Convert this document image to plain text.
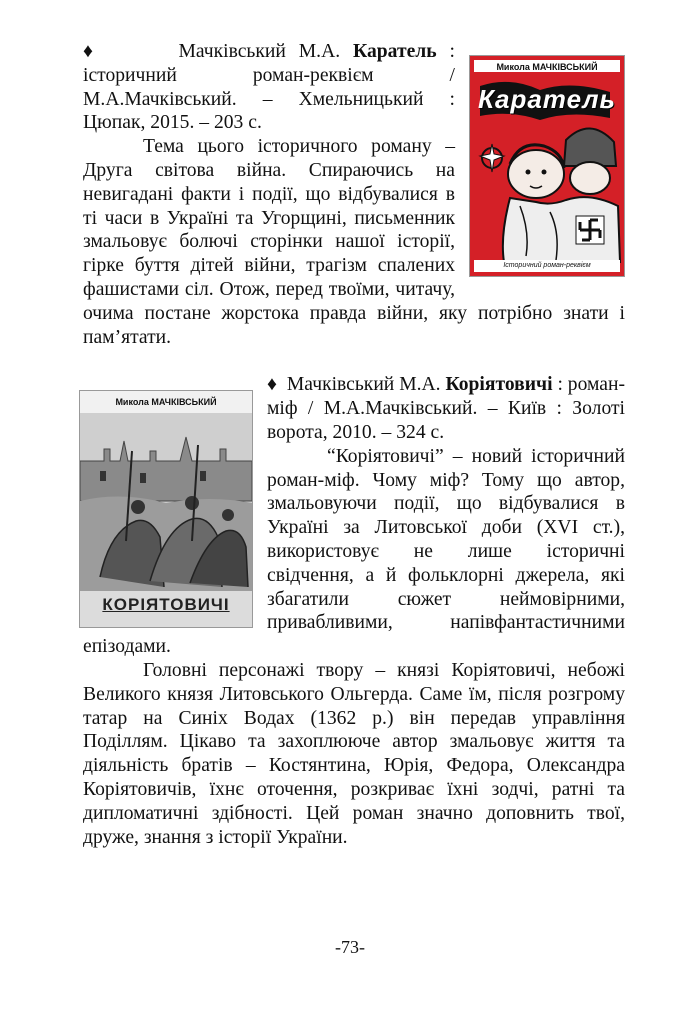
Микола МАЧКІВСЬКИЙ
Каратель
Історичний роман-реквієм

♦	Мачківський М.А. Каратель : історичний роман-реквієм / М.А.Мачківський. – Хмельницький : Цюпак, 2015. – 203 с.

Тема цього історичного роману – Друга світова війна. Спираючись на невигадані факти і події, що відбувалися в ті часи в Україні та Угорщині, письменник змальовує болючі сторінки нашої історії, гірке буття дітей війни, трагізм спалених фашистами сіл. Отож, перед твоїми, читачу, очима постане жорстока правда війни, яку потрібно знати і пам’ятати.

Микола МАЧКІВСЬКИЙ
КОРІЯТОВИЧІ

♦ Мачківський М.А. Коріятовичі : роман-міф / М.А.Мачківський. – Київ : Золоті ворота, 2010. – 324 с.

“Коріятовичі” – новий історичний роман-міф. Чому міф? Тому що автор, змальовуючи події, що відбувалися в Україні за Литовської доби (XVI ст.), використовує не лише історичні свідчення, а й фольклорні джерела, які збагатили сюжет неймовірними, привабливими, напівфантастичними епізодами.

Головні персонажі твору – князі Коріятовичі, небожі Великого князя Литовського Ольгерда. Саме їм, після розгрому татар на Синіх Водах (1362 р.) він передав управління Поділлям. Цікаво та захоплююче автор змальовує життя та діяльність братів – Костянтина, Юрія, Федора, Олександра Коріятовичів, їхнє оточення, розкриває їхні зодчі, ратні та дипломатичні здібності. Цей роман значно доповнить твої, друже, знання з історії України.

-73-
